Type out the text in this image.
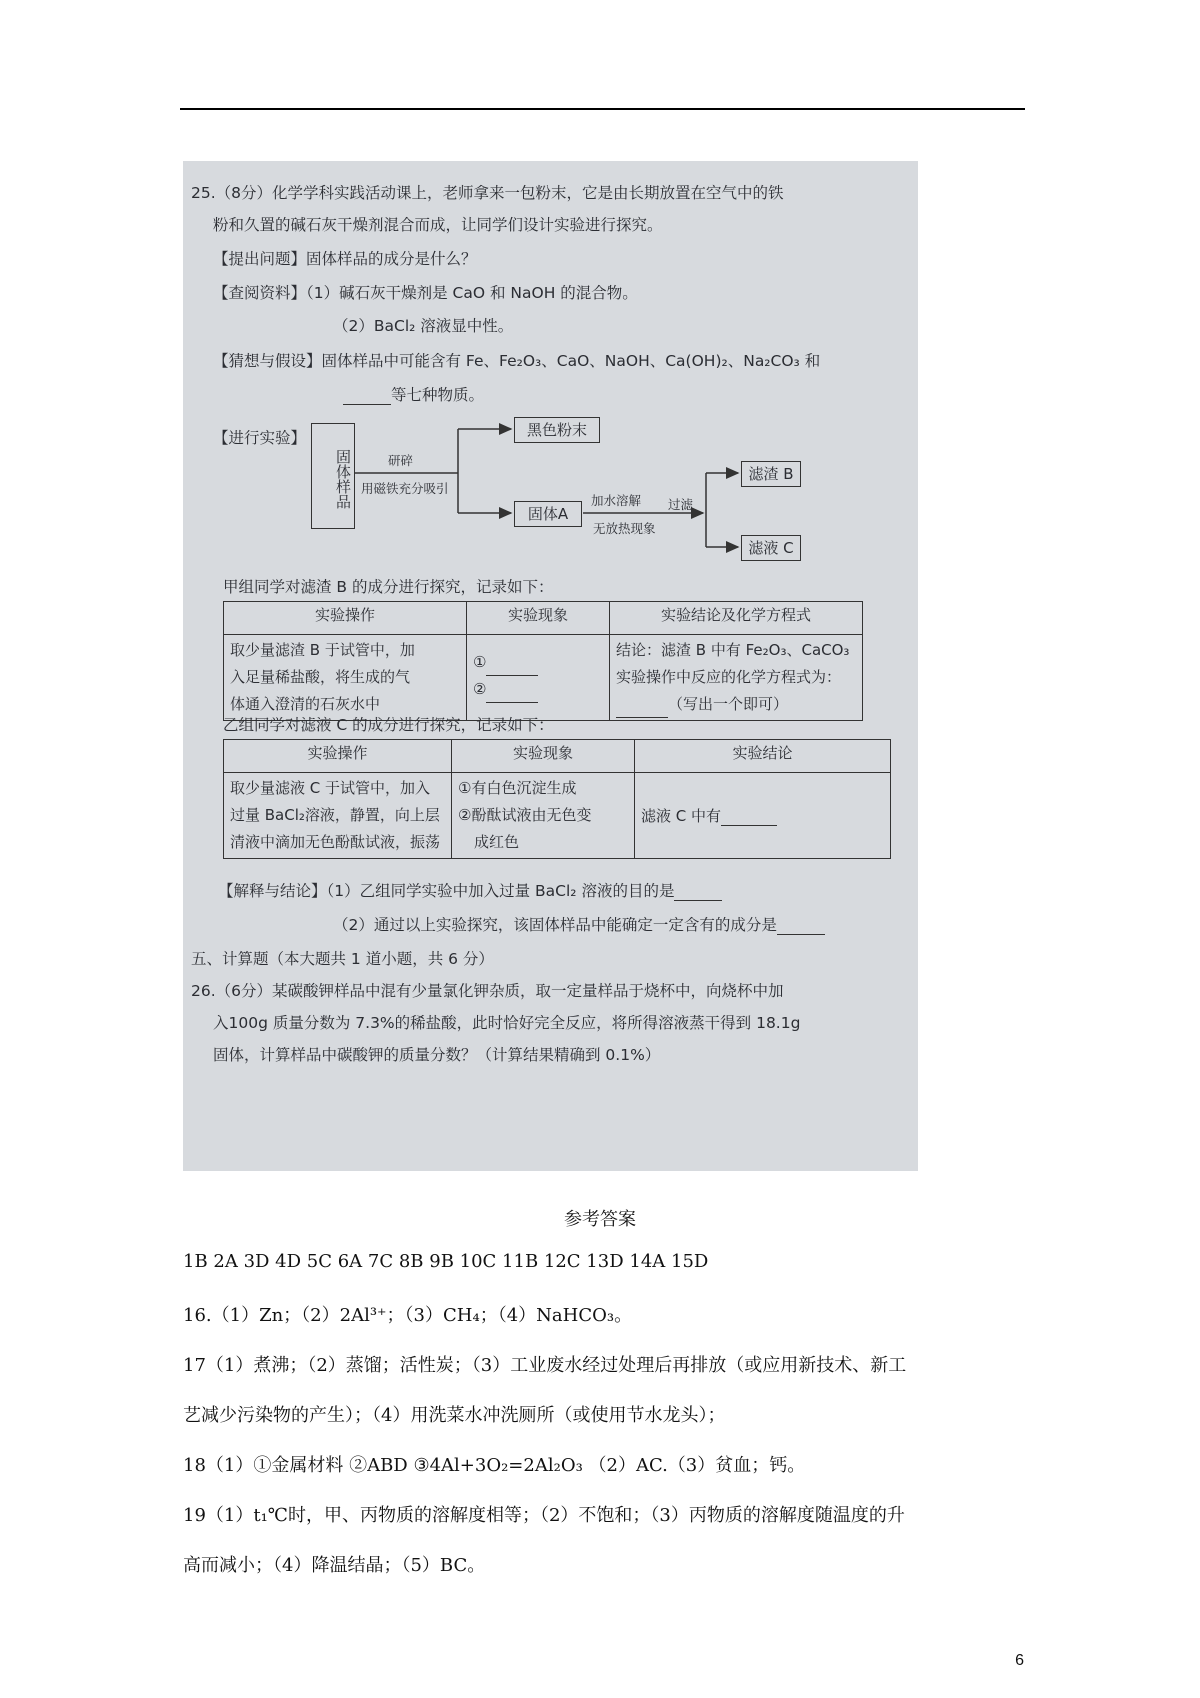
25.（8分）化学学科实践活动课上，老师拿来一包粉末，它是由长期放置在空气中的铁
粉和久置的碱石灰干燥剂混合而成，让同学们设计实验进行探究。
【提出问题】固体样品的成分是什么？
【查阅资料】（1）碱石灰干燥剂是 CaO 和 NaOH 的混合物。
（2）BaCl₂ 溶液显中性。
【猜想与假设】固体样品中可能含有 Fe、Fe₂O₃、CaO、NaOH、Ca(OH)₂、Na₂CO₃ 和
等七种物质。
【进行实验】
固体样品	研碎
用磁铁充分吸引
黑色粉末
固体A
加水溶解
无放热现象
过滤
滤渣 B
滤液 C
甲组同学对滤渣 B 的成分进行探究，记录如下：
实验操作	实验现象	实验结论及化学方程式

取少量滤渣 B 于试管中，加
入足量稀盐酸，将生成的气
体通入澄清的石灰水中	①
②	结论：滤渣 B 中有 Fe₂O₃、CaCO₃
实验操作中反应的化学方程式为：
（写出一个即可）
乙组同学对滤液 C 的成分进行探究，记录如下：
实验操作	实验现象	实验结论

取少量滤液 C 于试管中，加入
过量 BaCl₂溶液，静置，向上层
清液中滴加无色酚酞试液，振荡	①有白色沉淀生成
②酚酞试液由无色变
成红色	滤液 C 中有
【解释与结论】（1）乙组同学实验中加入过量 BaCl₂ 溶液的目的是
（2）通过以上实验探究，该固体样品中能确定一定含有的成分是
五、计算题（本大题共 1 道小题，共 6 分）
26.（6分）某碳酸钾样品中混有少量氯化钾杂质，取一定量样品于烧杯中，向烧杯中加
入100g 质量分数为 7.3%的稀盐酸，此时恰好完全反应，将所得溶液蒸干得到 18.1g
固体，计算样品中碳酸钾的质量分数？（计算结果精确到 0.1%）
参考答案
1B 2A 3D 4D 5C 6A 7C 8B 9B 10C 11B 12C 13D 14A 15D
16.（1）Zn；（2）2Al³⁺；（3）CH₄；（4）NaHCO₃。
17（1）煮沸；（2）蒸馏；活性炭；（3）工业废水经过处理后再排放（或应用新技术、新工
艺减少污染物的产生）；（4）用洗菜水冲洗厕所（或使用节水龙头）；
18（1）①金属材料 ②ABD ③4Al+3O₂=2Al₂O₃ （2）AC.（3）贫血；钙。
19（1）t₁℃时，甲、丙物质的溶解度相等；（2）不饱和；（3）丙物质的溶解度随温度的升
高而减小；（4）降温结晶；（5）BC。
6
